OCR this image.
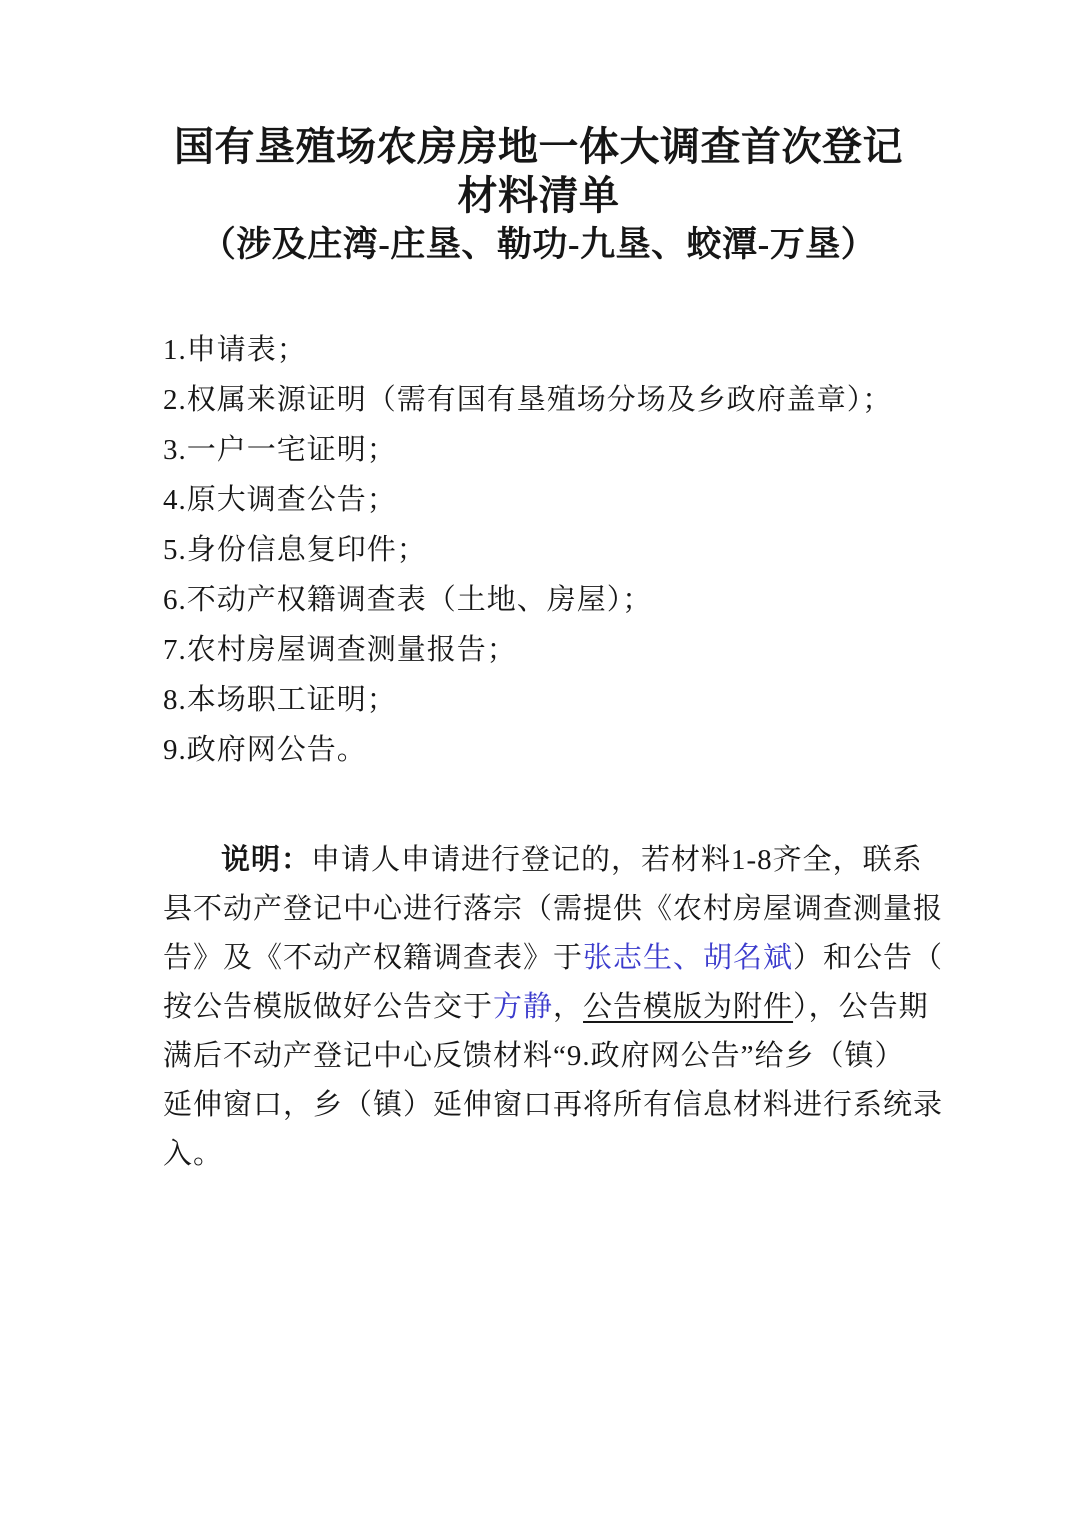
国有垦殖场农房房地一体大调查首次登记
材料清单
（涉及庄湾-庄垦、勒功-九垦、蛟潭-万垦）
1.申请表；
2.权属来源证明（需有国有垦殖场分场及乡政府盖章）；
3.一户一宅证明；
4.原大调查公告；
5.身份信息复印件；
6.不动产权籍调查表（土地、房屋）；
7.农村房屋调查测量报告；
8.本场职工证明；
9.政府网公告。
说明：申请人申请进行登记的，若材料1-8齐全，联系
县不动产登记中心进行落宗（需提供《农村房屋调查测量报
告》及《不动产权籍调查表》于张志生、胡名斌）和公告（
按公告模版做好公告交于方静，公告模版为附件），公告期
满后不动产登记中心反馈材料“9.政府网公告”给乡（镇）
延伸窗口，乡（镇）延伸窗口再将所有信息材料进行系统录
入。
